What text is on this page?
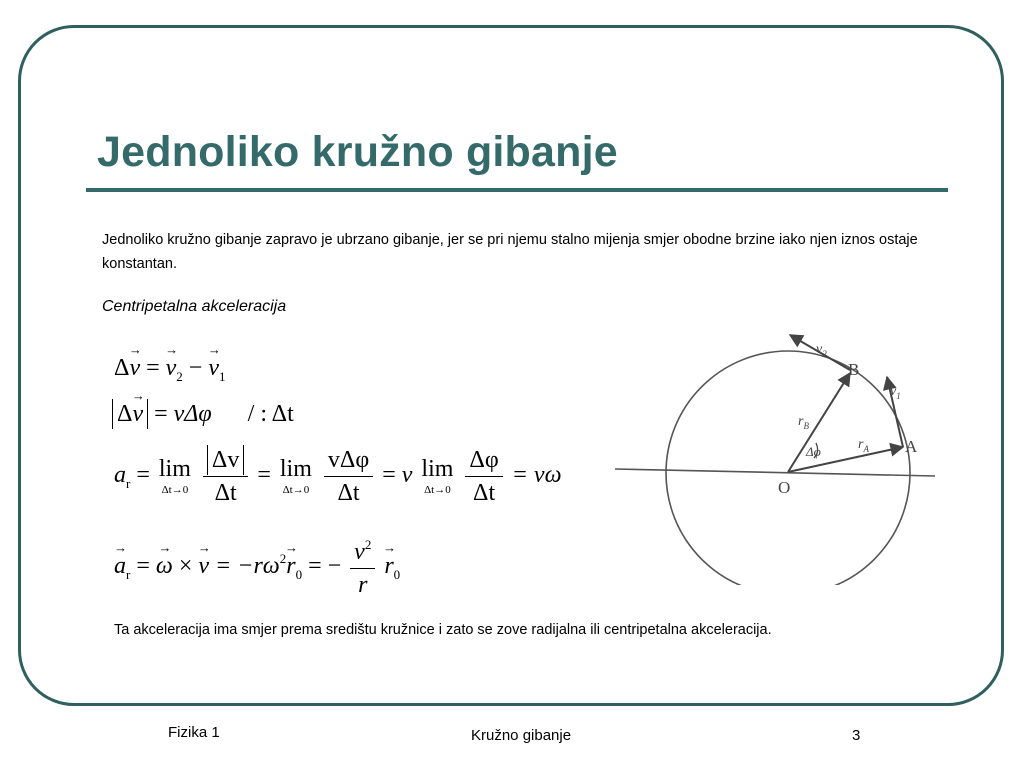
Jednoliko kružno gibanje
Jednoliko kružno gibanje zapravo je ubrzano gibanje, jer se pri njemu stalno mijenja smjer obodne brzine iako njen iznos ostaje konstantan.
Centripetalna akceleracija
Δ→ v = → $v_2$ − → $v_1$
Δ→ v = vΔφ / : Δt
$a_r = \lim$
Δt→0
$\frac{\Delta v}{\Delta t} = \lim$
Δt→0
$\frac{\text{vΔφ}}{\Delta t} = v$ lim
Δt→0
$\frac{\Delta\varphi}{\Delta t} = v\omega$
→ $a_r$ = → ω × → $v = -r\omega^2\to r_0$ = − $\frac{v^2}{r}$
→ $r_0$
B
A
O
$v_2$
$v_1$
$r_B$
$r_A$
Δφ
Ta akceleracija ima smjer prema središtu kružnice i zato se zove radijalna ili centripetalna akceleracija.
Fizika 1	Kružno gibanje	3
